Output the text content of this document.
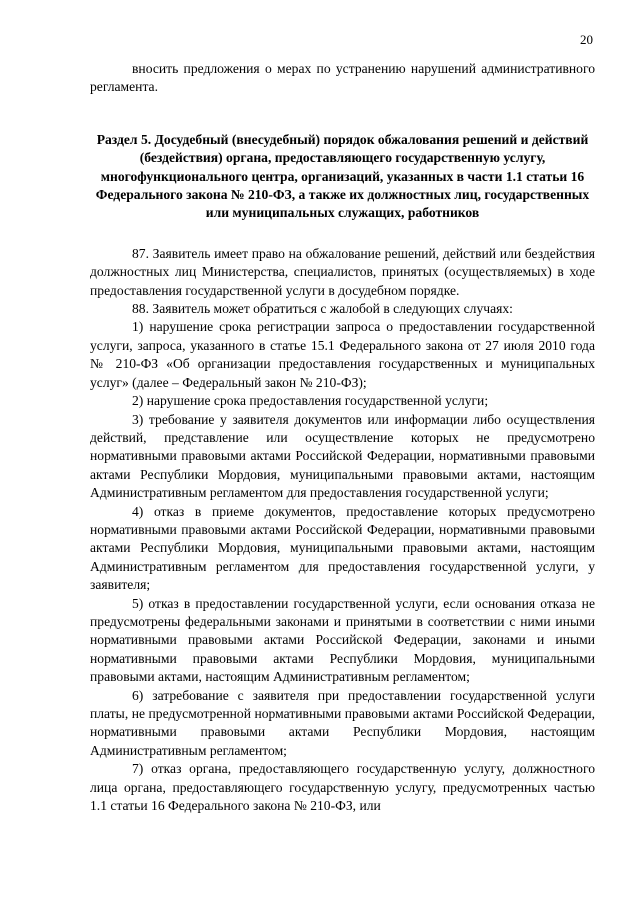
20

вносить предложения о мерах по устранению нарушений административного регламента.

Раздел 5. Досудебный (внесудебный) порядок обжалования решений и действий (бездействия) органа, предоставляющего государственную услугу, многофункционального центра, организаций, указанных в части 1.1 статьи 16 Федерального закона № 210-ФЗ, а также их должностных лиц, государственных или муниципальных служащих, работников

87. Заявитель имеет право на обжалование решений, действий или бездействия должностных лиц Министерства, специалистов, принятых (осуществляемых) в ходе предоставления государственной услуги в досудебном порядке.

88. Заявитель может обратиться с жалобой в следующих случаях:

1) нарушение срока регистрации запроса о предоставлении государственной услуги, запроса, указанного в статье 15.1 Федерального закона от 27 июля 2010 года № 210-ФЗ «Об организации предоставления государственных и муниципальных услуг» (далее – Федеральный закон № 210-ФЗ);

2) нарушение срока предоставления государственной услуги;

3) требование у заявителя документов или информации либо осуществления действий, представление или осуществление которых не предусмотрено нормативными правовыми актами Российской Федерации, нормативными правовыми актами Республики Мордовия, муниципальными правовыми актами, настоящим Административным регламентом для предоставления государственной услуги;

4) отказ в приеме документов, предоставление которых предусмотрено нормативными правовыми актами Российской Федерации, нормативными правовыми актами Республики Мордовия, муниципальными правовыми актами, настоящим Административным регламентом для предоставления государственной услуги, у заявителя;

5) отказ в предоставлении государственной услуги, если основания отказа не предусмотрены федеральными законами и принятыми в соответствии с ними иными нормативными правовыми актами Российской Федерации, законами и иными нормативными правовыми актами Республики Мордовия, муниципальными правовыми актами, настоящим Административным регламентом;

6) затребование с заявителя при предоставлении государственной услуги платы, не предусмотренной нормативными правовыми актами Российской Федерации, нормативными правовыми актами Республики Мордовия, настоящим Административным регламентом;

7) отказ органа, предоставляющего государственную услугу, должностного лица органа, предоставляющего государственную услугу, предусмотренных частью 1.1 статьи 16 Федерального закона № 210-ФЗ, или
